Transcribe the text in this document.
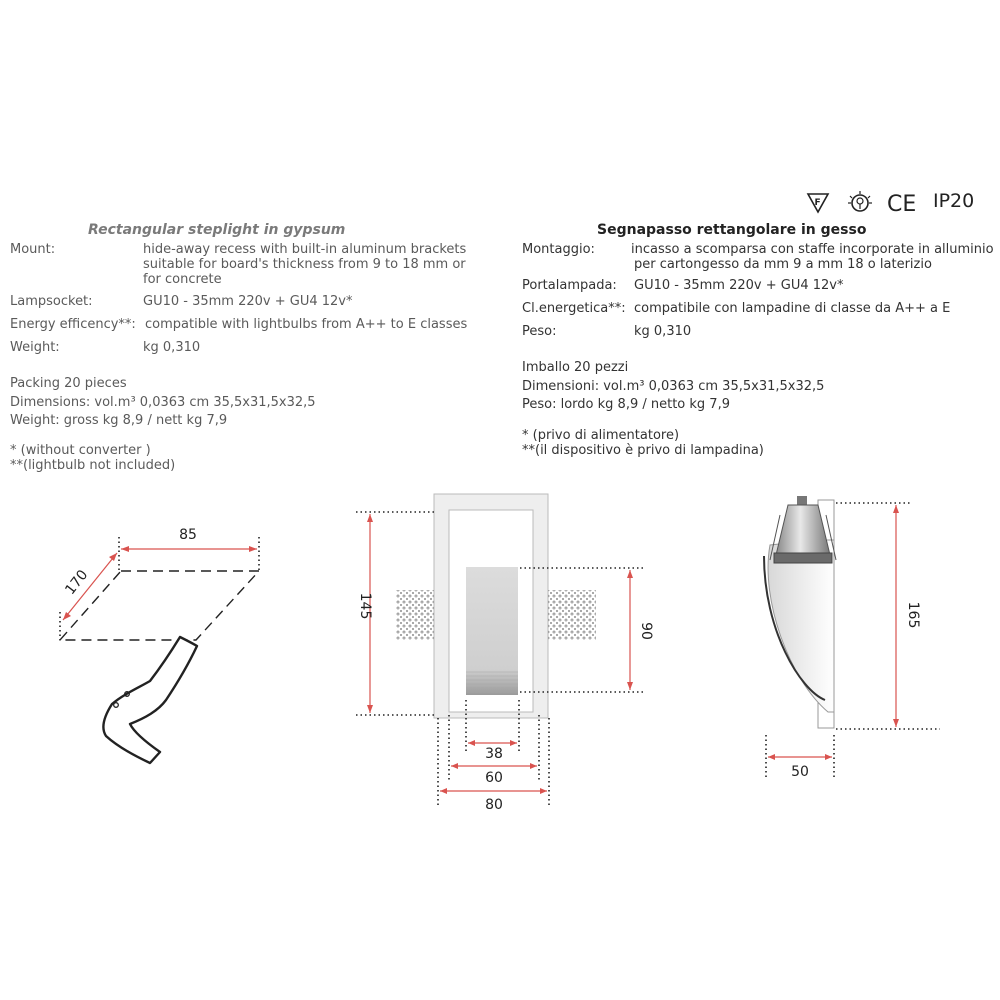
F	CE IP20
Rectangular steplight in gypsum
Mount:	hide-away recess with built-in aluminum brackets
suitable for board's thickness from 9 to 18 mm or
for concrete
Lampsocket:	GU10 - 35mm 220v + GU4 12v*
Energy efficency**: compatible with lightbulbs from A++ to E classes
Weight:	kg 0,310
Packing 20 pieces
Dimensions: vol.m³ 0,0363 cm 35,5x31,5x32,5
Weight: gross kg 8,9 / nett kg 7,9
* (without converter )
**(lightbulb not included)
Segnapasso rettangolare in gesso
Montaggio:	incasso a scomparsa con staffe incorporate in alluminio
per cartongesso da mm 9 a mm 18 o laterizio
Portalampada: GU10 - 35mm 220v + GU4 12v*
Cl.energetica**: compatibile con lampadine di classe da A++ a E
Peso:	kg 0,310
Imballo 20 pezzi
Dimensioni: vol.m³ 0,0363 cm 35,5x31,5x32,5
Peso: lordo kg 8,9 / netto kg 7,9
* (privo di alimentatore)
**(il dispositivo è privo di lampadina)
85
170
145
90
38
60
80
165
50
